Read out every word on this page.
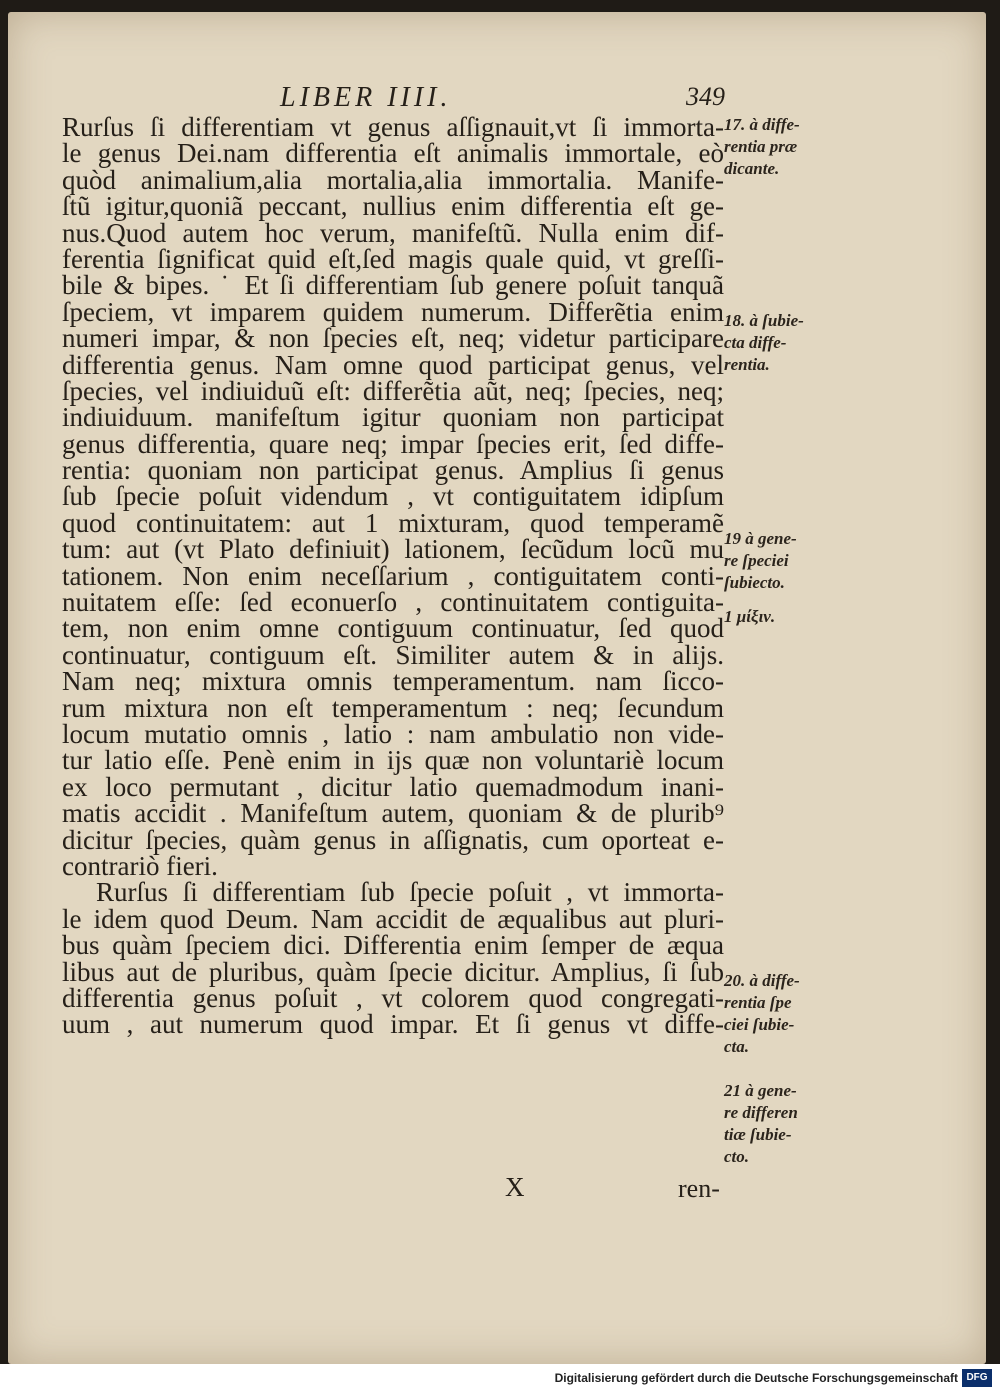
LIBER IIII.	349
Rurſus ſi differentiam vt genus aſſignauit,vt ſi immorta-
le genus Dei.nam differentia eſt animalis immortale, eò
quòd animalium,alia mortalia,alia immortalia. Manife-
ſtũ igitur,quoniã peccant, nullius enim differentia eſt ge-
nus.Quod autem hoc verum, manifeſtũ. Nulla enim dif-
ferentia ſignificat quid eſt,ſed magis quale quid, vt greſſi-
bile & bipes. ˙ Et ſi differentiam ſub genere poſuit tanquã
ſpeciem, vt imparem quidem numerum. Differẽtia enim
numeri impar, & non ſpecies eſt, neq; videtur participare
differentia genus. Nam omne quod participat genus, vel
ſpecies, vel indiuiduũ eſt: differẽtia aũt, neq; ſpecies, neq;
indiuiduum. manifeſtum igitur quoniam non participat
genus differentia, quare neq; impar ſpecies erit, ſed diffe-
rentia: quoniam non participat genus. Amplius ſi genus
ſub ſpecie poſuit videndum , vt contiguitatem idipſum
quod continuitatem: aut 1 mixturam, quod temperamẽ
tum: aut (vt Plato definiuit) lationem, ſecũdum locũ mu
tationem. Non enim neceſſarium , contiguitatem conti-
nuitatem eſſe: ſed econuerſo , continuitatem contiguita-
tem, non enim omne contiguum continuatur, ſed quod
continuatur, contiguum eſt. Similiter autem & in alijs.
Nam neq; mixtura omnis temperamentum. nam ſicco-
rum mixtura non eſt temperamentum : neq; ſecundum
locum mutatio omnis , latio : nam ambulatio non vide-
tur latio eſſe. Penè enim in ijs quæ non voluntariè locum
ex loco permutant , dicitur latio quemadmodum inani-
matis accidit . Manifeſtum autem, quoniam & de plurib⁹
dicitur ſpecies, quàm genus in aſſignatis, cum oporteat e-
contrariò fieri.
Rurſus ſi differentiam ſub ſpecie poſuit , vt immorta-
le idem quod Deum. Nam accidit de æqualibus aut pluri-
bus quàm ſpeciem dici. Differentia enim ſemper de æqua
libus aut de pluribus, quàm ſpecie dicitur. Amplius, ſi ſub
differentia genus poſuit , vt colorem quod congregati-
uum , aut numerum quod impar. Et ſi genus vt diffe-
17. à diffe-
rentia præ
dicante.
18. à ſubie-
cta diffe-
rentia.
19 à gene-
re ſpeciei
ſubiecto.
1 μίξιν.
20. à diffe-
rentia ſpe
ciei ſubie-
cta.
21 à gene-
re differen
tiæ ſubie-
cto.
X	ren-
Digitalisierung gefördert durch die Deutsche Forschungsgemeinschaft DFG
